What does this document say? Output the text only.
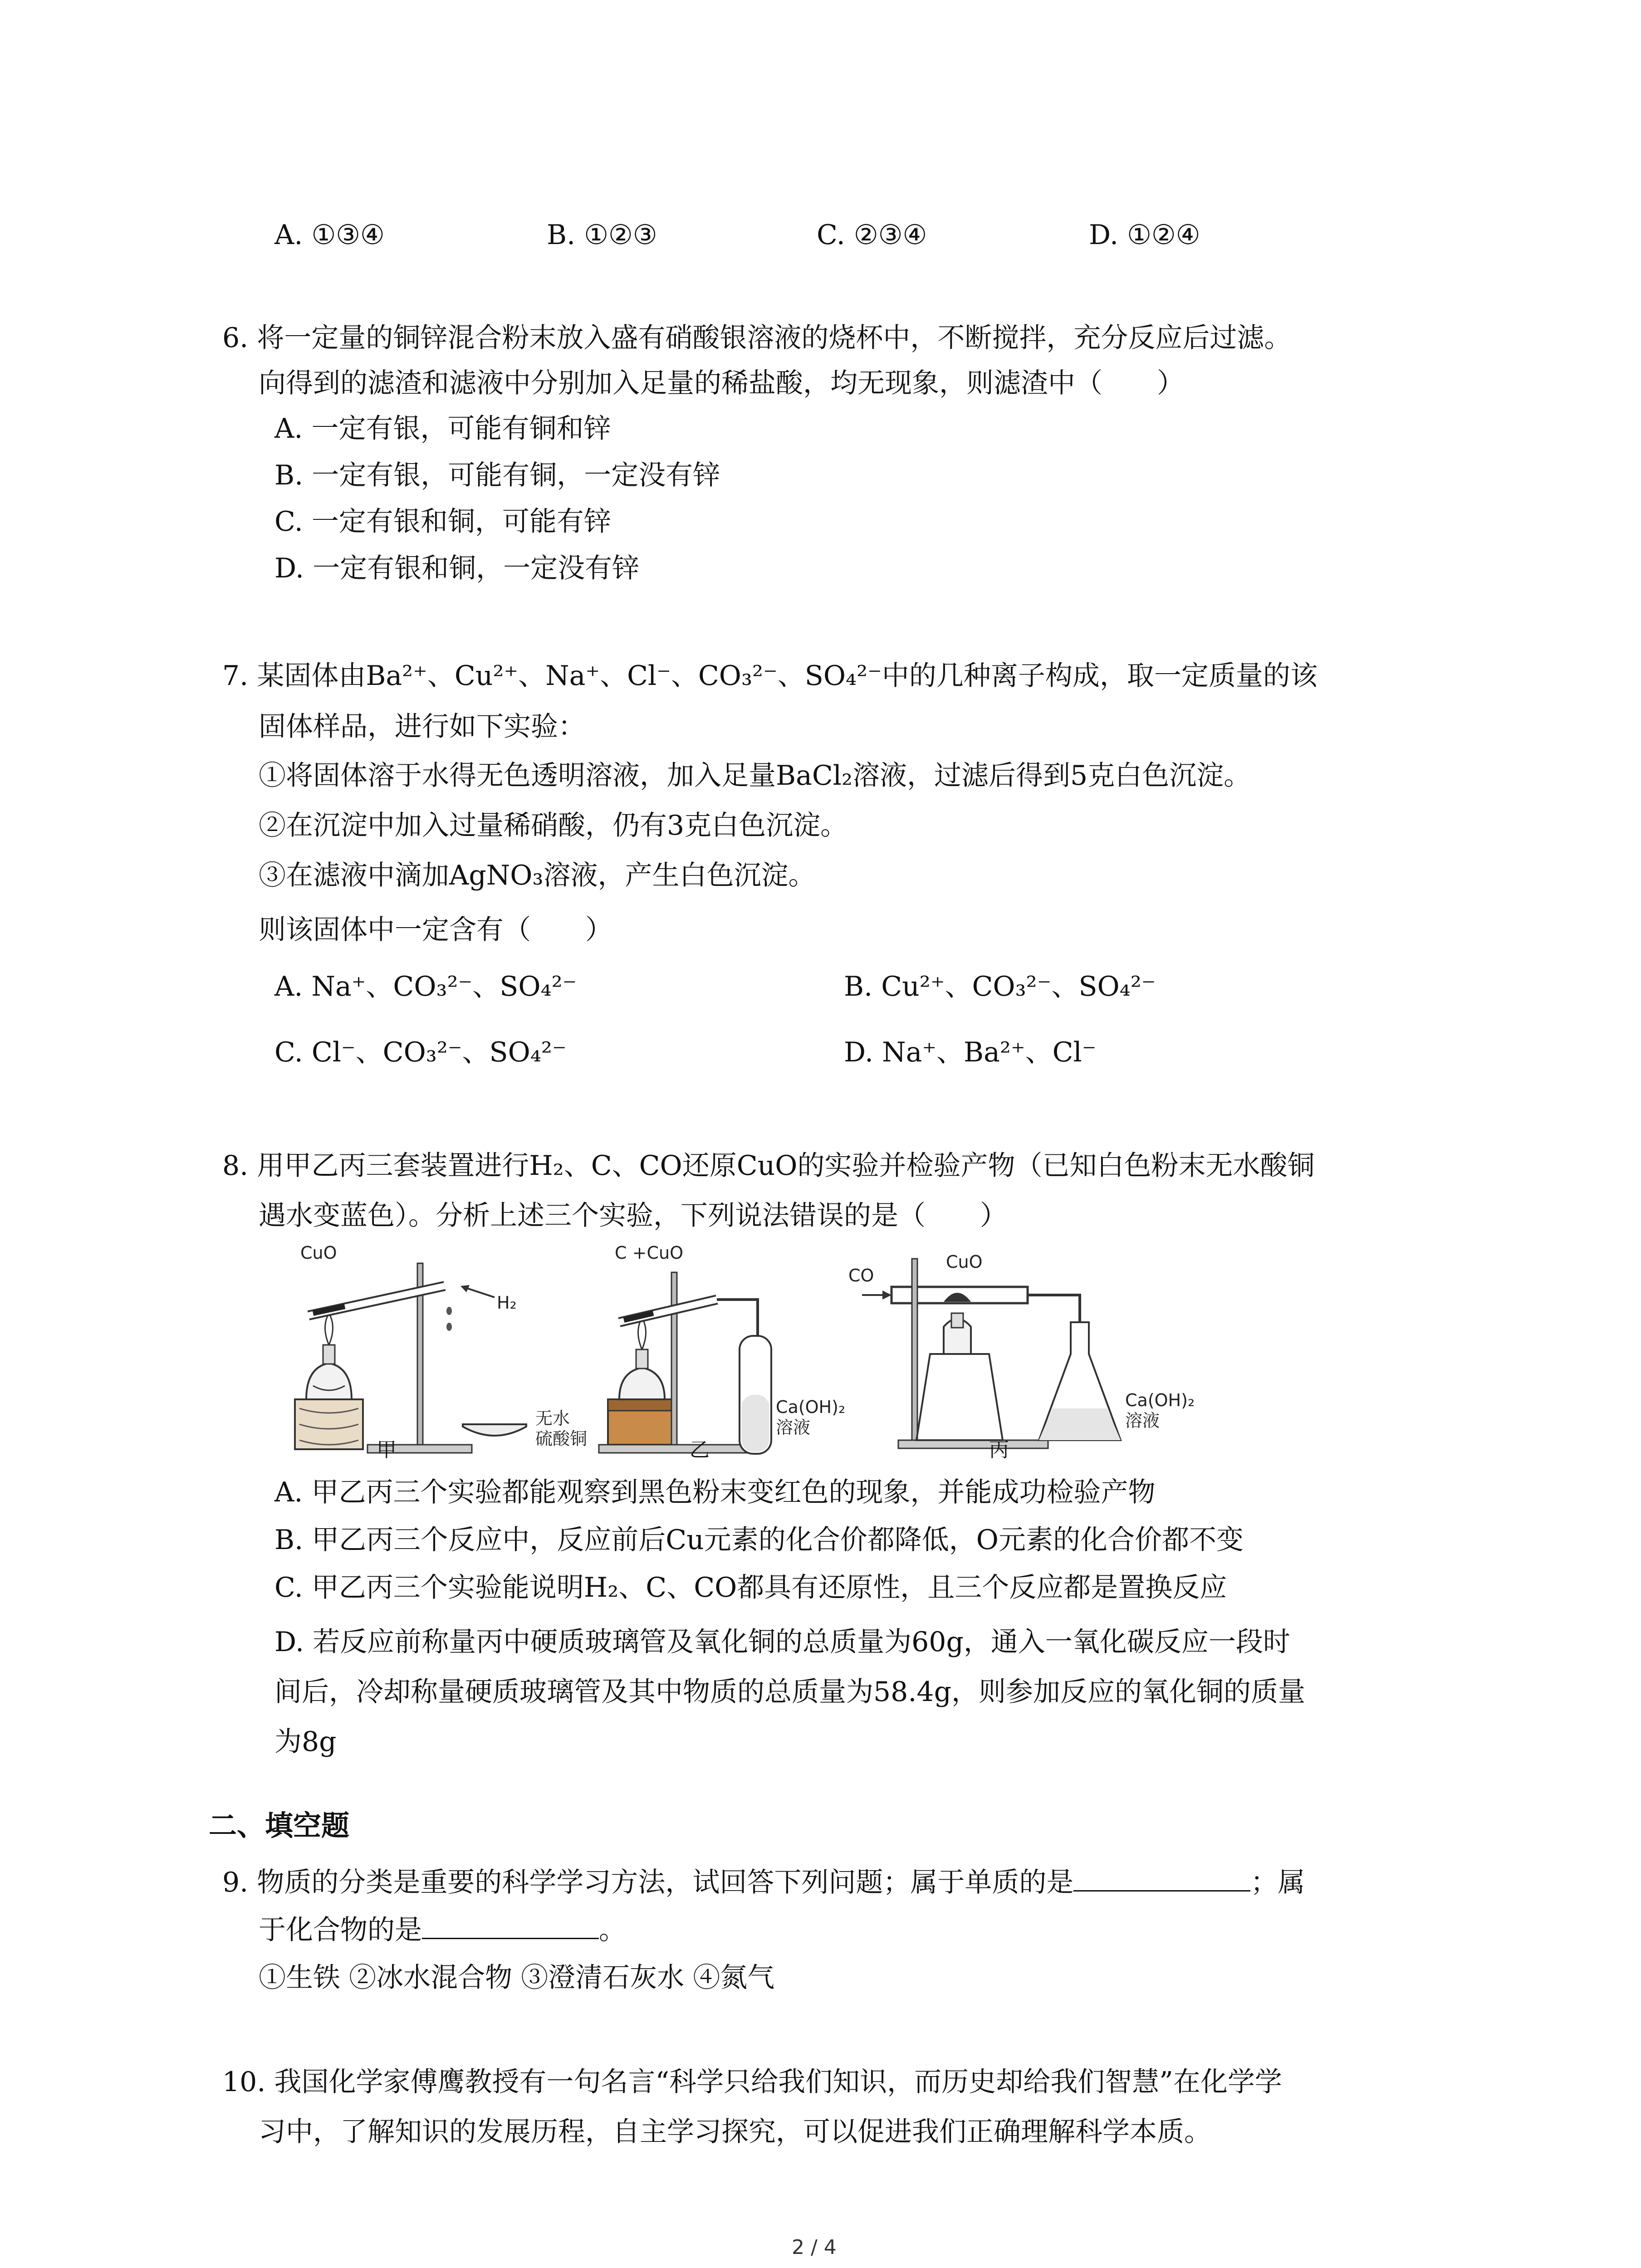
A. ①③④	B. ①②③	C. ②③④	D. ①②④
6. 将一定量的铜锌混合粉末放入盛有硝酸银溶液的烧杯中，不断搅拌，充分反应后过滤。
向得到的滤渣和滤液中分别加入足量的稀盐酸，均无现象，则滤渣中（　　）
A. 一定有银，可能有铜和锌
B. 一定有银，可能有铜，一定没有锌
C. 一定有银和铜，可能有锌
D. 一定有银和铜，一定没有锌
7. 某固体由Ba²⁺、Cu²⁺、Na⁺、Cl⁻、CO₃²⁻、SO₄²⁻中的几种离子构成，取一定质量的该
固体样品，进行如下实验：
①将固体溶于水得无色透明溶液，加入足量BaCl₂溶液，过滤后得到5克白色沉淀。
②在沉淀中加入过量稀硝酸，仍有3克白色沉淀。
③在滤液中滴加AgNO₃溶液，产生白色沉淀。
则该固体中一定含有（　　）
A. Na⁺、CO₃²⁻、SO₄²⁻	B. Cu²⁺、CO₃²⁻、SO₄²⁻
C. Cl⁻、CO₃²⁻、SO₄²⁻	D. Na⁺、Ba²⁺、Cl⁻
8. 用甲乙丙三套装置进行H₂、C、CO还原CuO的实验并检验产物（已知白色粉末无水酸铜
遇水变蓝色）。分析上述三个实验，下列说法错误的是（　　）
CuO
H₂
无水
硫酸铜
C +CuO
Ca(OH)₂
溶液
CO
CuO
Ca(OH)₂
溶液
甲	乙	丙
A. 甲乙丙三个实验都能观察到黑色粉末变红色的现象，并能成功检验产物
B. 甲乙丙三个反应中，反应前后Cu元素的化合价都降低，O元素的化合价都不变
C. 甲乙丙三个实验能说明H₂、C、CO都具有还原性，且三个反应都是置换反应
D. 若反应前称量丙中硬质玻璃管及氧化铜的总质量为60g，通入一氧化碳反应一段时
间后，冷却称量硬质玻璃管及其中物质的总质量为58.4g，则参加反应的氧化铜的质量
为8g
二、填空题
9. 物质的分类是重要的科学学习方法，试回答下列问题；属于单质的是	；属
于化合物的是	。
①生铁 ②冰水混合物 ③澄清石灰水 ④氮气
10. 我国化学家傅鹰教授有一句名言“科学只给我们知识，而历史却给我们智慧”在化学学
习中，了解知识的发展历程，自主学习探究，可以促进我们正确理解科学本质。
2 / 4
